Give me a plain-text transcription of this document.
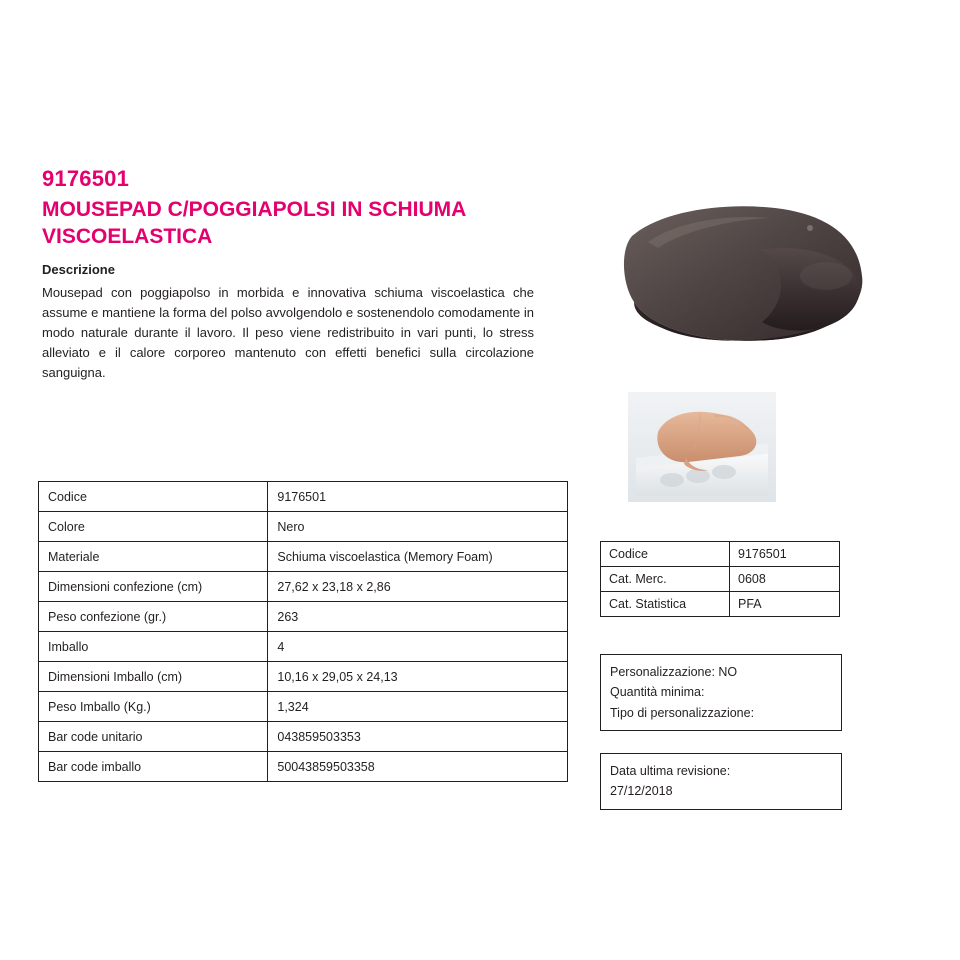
9176501
MOUSEPAD C/POGGIAPOLSI IN SCHIUMA VISCOELASTICA
Descrizione
Mousepad con poggiapolso in morbida e innovativa schiuma viscoelastica che assume e mantiene la forma del polso avvolgendolo e sostenendolo comodamente in modo naturale durante il lavoro. Il peso viene redistribuito in vari punti, lo stress alleviato e il calore corporeo mantenuto con effetti benefici sulla circolazione sanguigna.
Codice	9176501
Colore	Nero
Materiale	Schiuma viscoelastica (Memory Foam)
Dimensioni confezione (cm)	27,62 x 23,18 x 2,86
Peso confezione (gr.)	263
Imballo	4
Dimensioni Imballo (cm)	10,16 x 29,05 x 24,13
Peso Imballo (Kg.)	1,324
Bar code unitario	043859503353
Bar code imballo	50043859503358
Codice	9176501
Cat. Merc.	0608
Cat. Statistica	PFA
Personalizzazione: NO
Quantità minima:
Tipo di personalizzazione:
Data ultima revisione:
27/12/2018
